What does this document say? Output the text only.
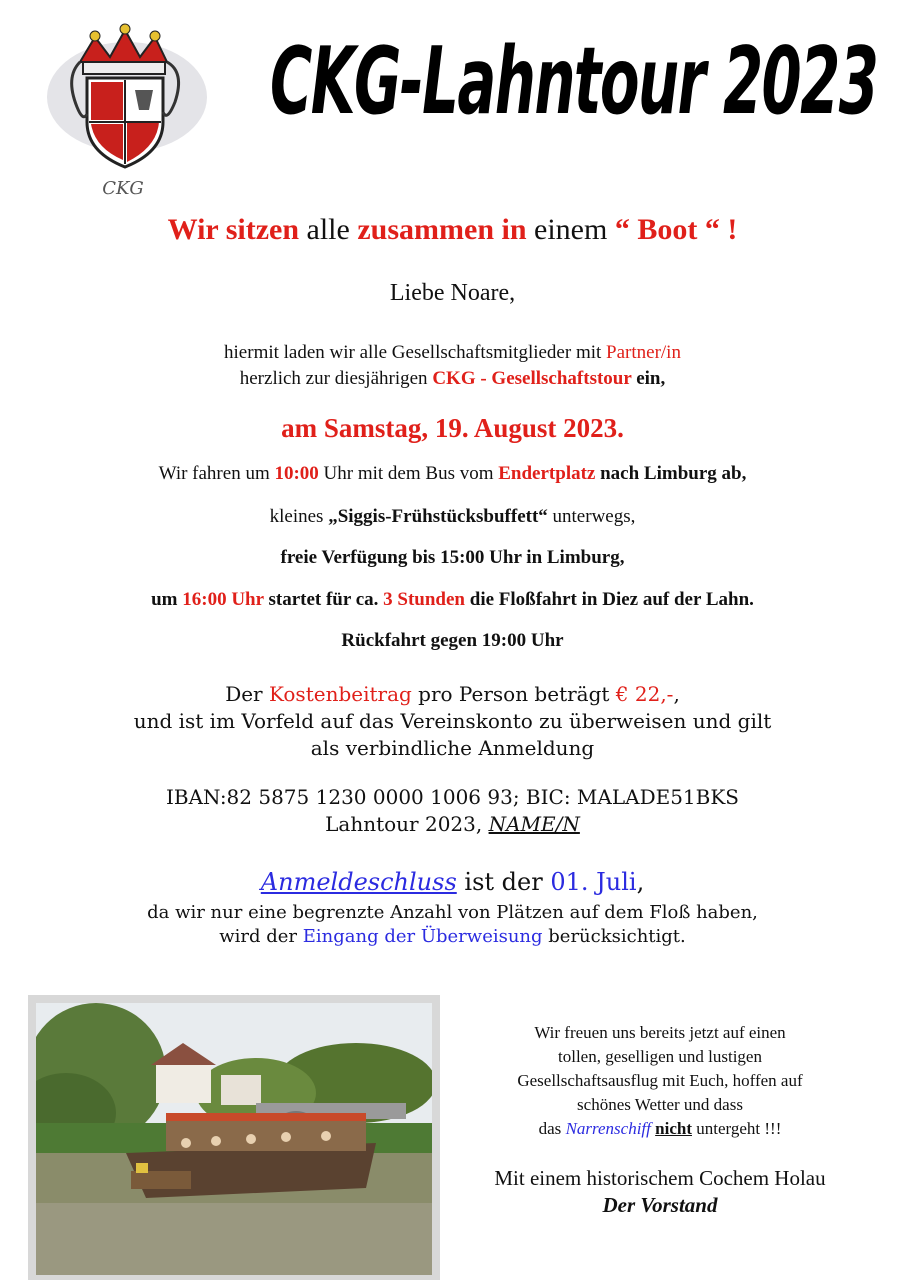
CKG
CKG-Lahntour 2023
Wir sitzen alle zusammen in einem “ Boot “ !
Liebe Noare,
hiermit laden wir alle Gesellschaftsmitglieder mit Partner/in
herzlich zur diesjährigen CKG - Gesellschaftstour ein,
am Samstag, 19. August 2023.
Wir fahren um 10:00 Uhr mit dem Bus vom Endertplatz nach Limburg ab,
kleines „Siggis-Frühstücksbuffett“ unterwegs,
freie Verfügung bis 15:00 Uhr in Limburg,
um 16:00 Uhr startet für ca. 3 Stunden die Floßfahrt in Diez auf der Lahn.
Rückfahrt gegen 19:00 Uhr
Der Kostenbeitrag pro Person beträgt € 22,-,
und ist im Vorfeld auf das Vereinskonto zu überweisen und gilt
als verbindliche Anmeldung
IBAN:82 5875 1230 0000 1006 93; BIC: MALADE51BKS
Lahntour 2023, NAME/N
Anmeldeschluss ist der 01. Juli,
da wir nur eine begrenzte Anzahl von Plätzen auf dem Floß haben,
wird der Eingang der Überweisung berücksichtigt.
Wir freuen uns bereits jetzt auf einen
tollen, geselligen und lustigen
Gesellschaftsausflug mit Euch, hoffen auf
schönes Wetter und dass
das Narrenschiff nicht untergeht !!!
Mit einem historischem Cochem Holau
Der Vorstand
